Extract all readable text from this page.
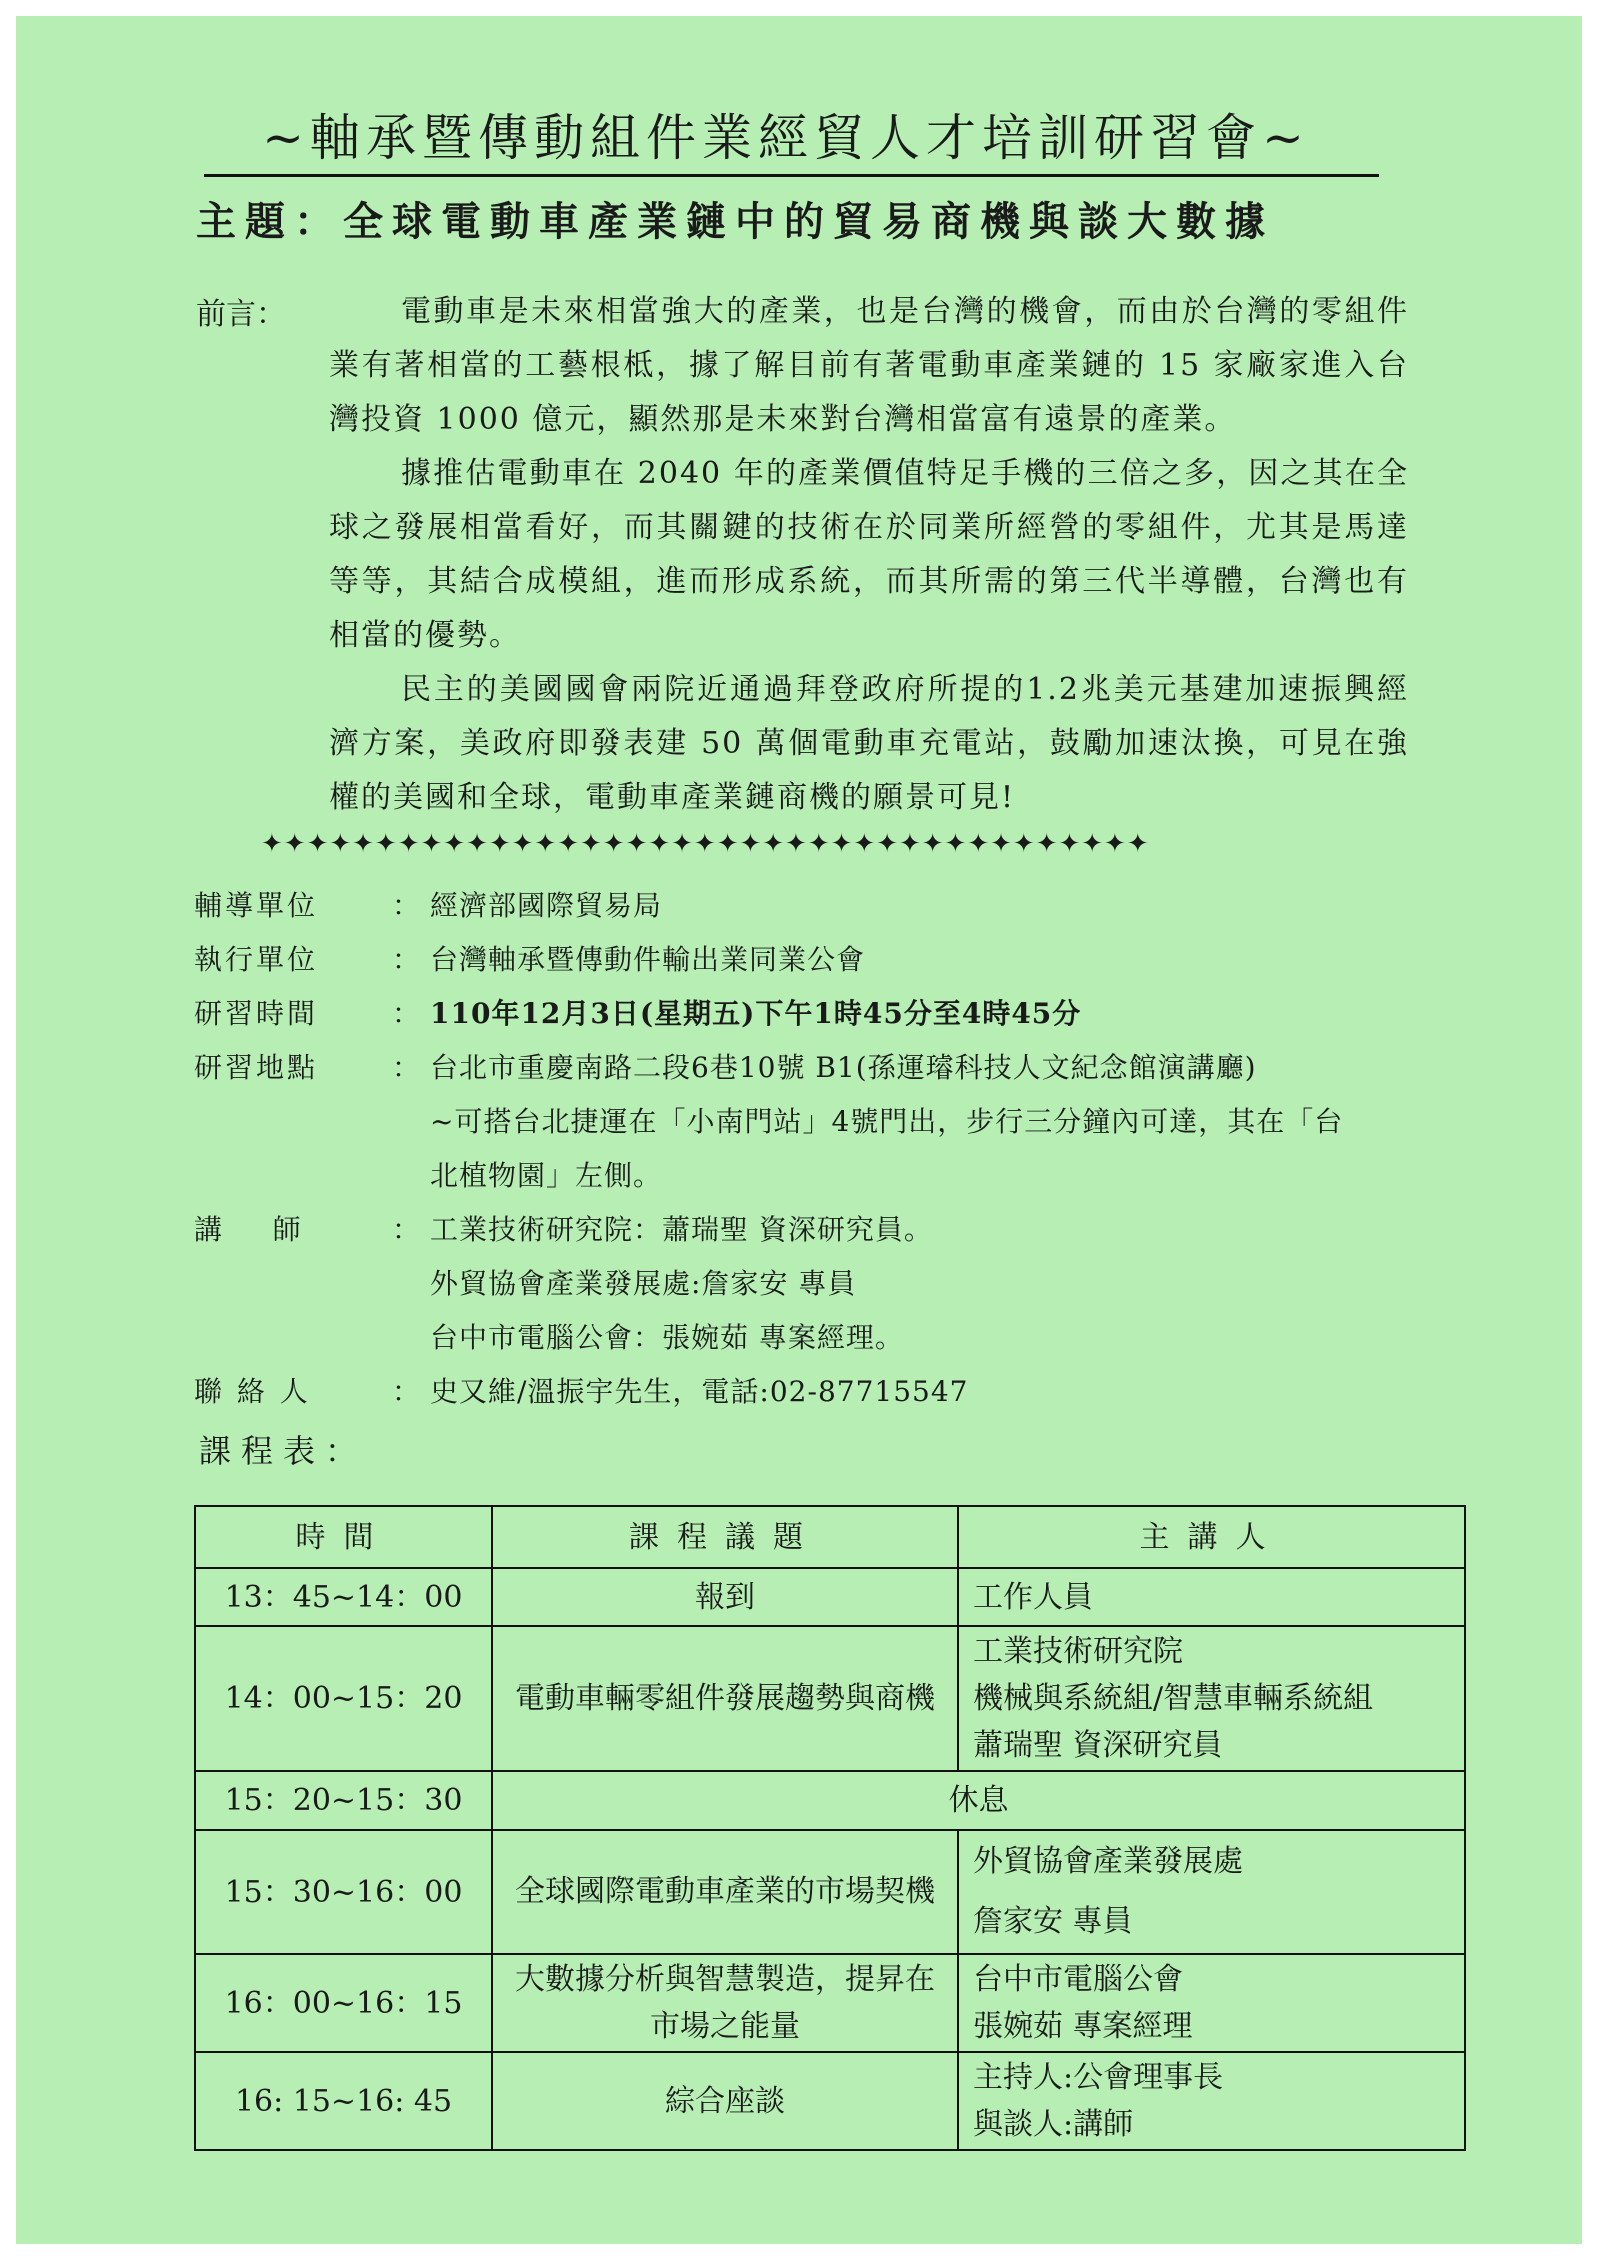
~軸承暨傳動組件業經貿人才培訓研習會~
主題：全球電動車產業鏈中的貿易商機與談大數據
前言：	電動車是未來相當強大的產業，也是台灣的機會，而由於台灣的零組件業有著相當的工藝根柢，據了解目前有著電動車產業鏈的 15 家廠家進入台灣投資 1000 億元，顯然那是未來對台灣相當富有遠景的產業。

據推估電動車在 2040 年的產業價值特足手機的三倍之多，因之其在全球之發展相當看好，而其關鍵的技術在於同業所經營的零組件，尤其是馬達等等，其結合成模組，進而形成系統，而其所需的第三代半導體，台灣也有相當的優勢。

民主的美國國會兩院近通過拜登政府所提的1.2兆美元基建加速振興經濟方案，美政府即發表建 50 萬個電動車充電站，鼓勵加速汰換，可見在強權的美國和全球，電動車產業鏈商機的願景可見!

✦✦✦✦✦✦✦✦✦✦✦✦✦✦✦✦✦✦✦✦✦✦✦✦✦✦✦✦✦✦✦✦✦✦✦✦✦✦✦
輔導單位	： 經濟部國際貿易局
執行單位	： 台灣軸承暨傳動件輸出業同業公會
研習時間	： 110年12月3日(星期五)下午1時45分至4時45分
研習地點	： 台北市重慶南路二段6巷10號 B1(孫運璿科技人文紀念館演講廳)
~可搭台北捷運在「小南門站」4號門出，步行三分鐘內可達，其在「台
北植物園」左側。
講    師	： 工業技術研究院：蕭瑞聖 資深研究員。
外貿協會產業發展處:詹家安 專員
台中市電腦公會：張婉茹 專案經理。
聯 絡 人	： 史又維/溫振宇先生，電話:02-87715547
課程表：
時間	課程議題	主講人
13：45~14：00	報到	工作人員

14：00~15：20	電動車輛零組件發展趨勢與商機	工業技術研究院
機械與系統組/智慧車輛系統組
蕭瑞聖 資深研究員

15：20~15：30	休息	
15：30~16：00	全球國際電動車產業的市場契機	外貿協會產業發展處
詹家安 專員

16：00~16：15	大數據分析與智慧製造，提昇在市場之能量	台中市電腦公會
張婉茹 專案經理

16: 15~16: 45	綜合座談	主持人:公會理事長
與談人:講師
